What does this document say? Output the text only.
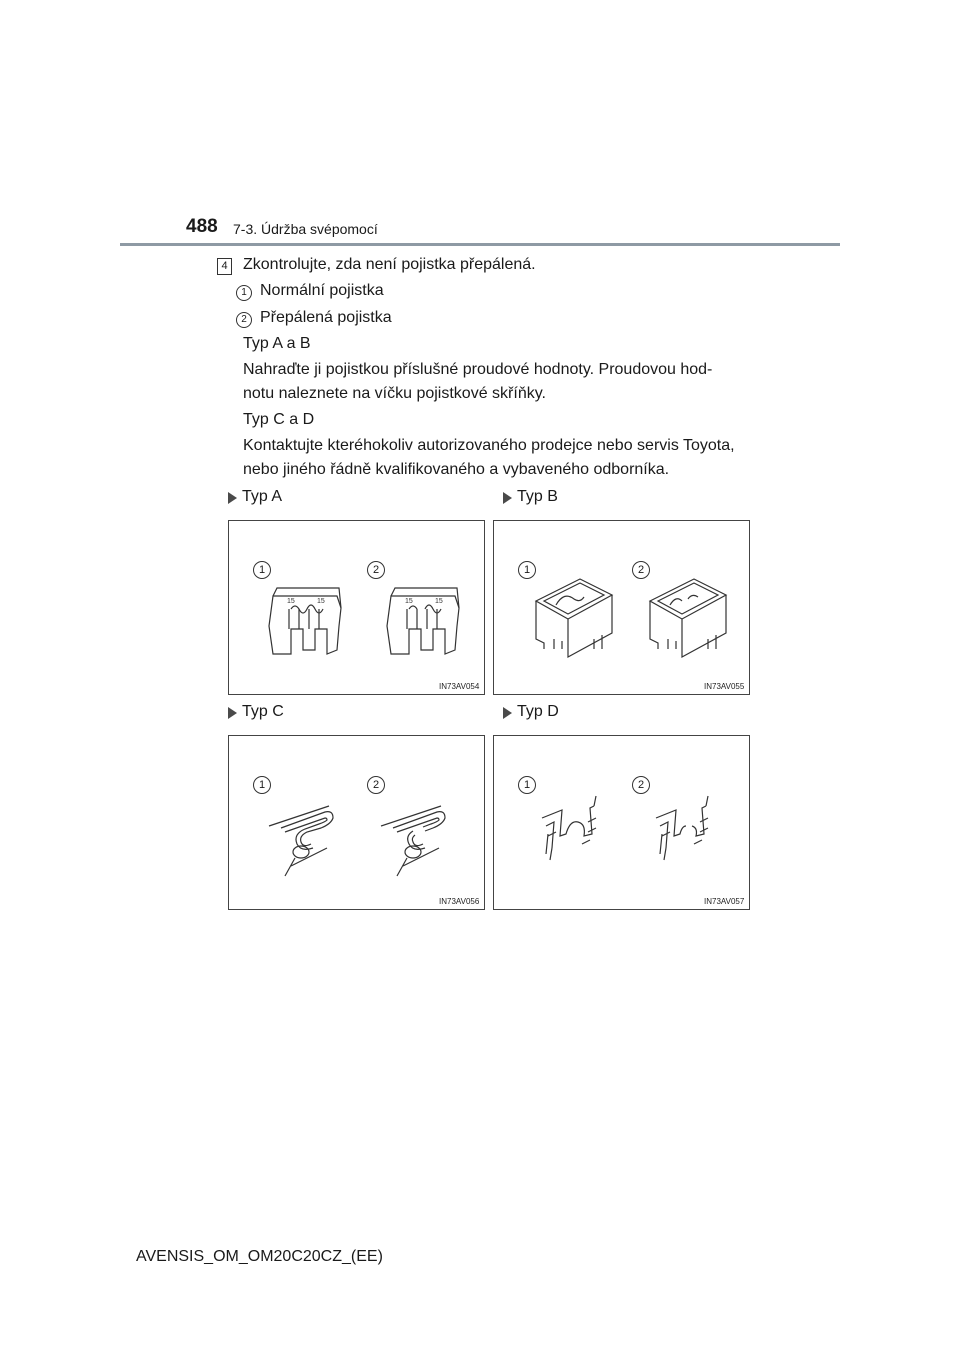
488 7-3. Údržba svépomocí
4 Zkontrolujte, zda není pojistka přepálená.
1 Normální pojistka
2 Přepálená pojistka
Typ A a B
Nahraďte ji pojistkou příslušné proudové hodnoty. Proudovou hod-
notu naleznete na víčku pojistkové skříňky.
Typ C a D
Kontaktujte kteréhokoliv autorizovaného prodejce nebo servis Toyota,
nebo jiného řádně kvalifikovaného a vybaveného odborníka.
Typ A	Typ B
15	15	15	15
1	2
IN73AV054
1	2
IN73AV055
Typ C	Typ D
1	2
IN73AV056
1	2
IN73AV057
AVENSIS_OM_OM20C20CZ_(EE)
